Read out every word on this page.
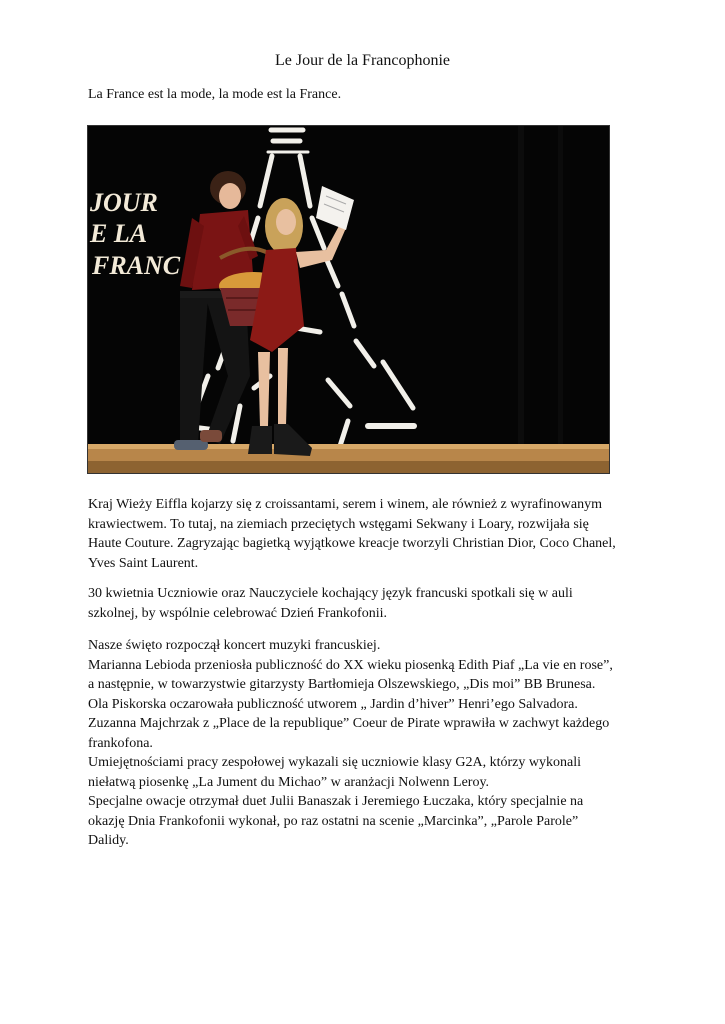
Le Jour de la Francophonie
La France est la mode, la mode est la France.
JOUR
E LA
FRANC
Kraj Wieży Eiffla kojarzy się z croissantami, serem i winem, ale również z wyrafinowanym
krawiectwem. To tutaj, na ziemiach przeciętych wstęgami Sekwany i Loary, rozwijała się
Haute Couture. Zagryzając bagietką wyjątkowe kreacje tworzyli Christian Dior, Coco Chanel,
Yves Saint Laurent.
30 kwietnia Uczniowie oraz Nauczyciele kochający język francuski spotkali się w auli
szkolnej, by wspólnie celebrować Dzień Frankofonii.
Nasze święto rozpoczął koncert muzyki francuskiej.
Marianna Lebioda przeniosła publiczność do XX wieku piosenką Edith Piaf „La vie en rose”,
a następnie, w towarzystwie gitarzysty Bartłomieja Olszewskiego, „Dis moi” BB Brunesa.
Ola Piskorska oczarowała publiczność utworem „ Jardin d’hiver” Henri’ego Salvadora.
Zuzanna Majchrzak z „Place de la republique” Coeur de Pirate wprawiła w zachwyt każdego
frankofona.
Umiejętnościami pracy zespołowej wykazali się uczniowie klasy G2A, którzy wykonali
niełatwą piosenkę „La Jument du Michao” w aranżacji Nolwenn Leroy.
Specjalne owacje otrzymał duet Julii Banaszak i Jeremiego Łuczaka, który specjalnie na
okazję Dnia Frankofonii wykonał, po raz ostatni na scenie „Marcinka”, „Parole Parole”
Dalidy.
